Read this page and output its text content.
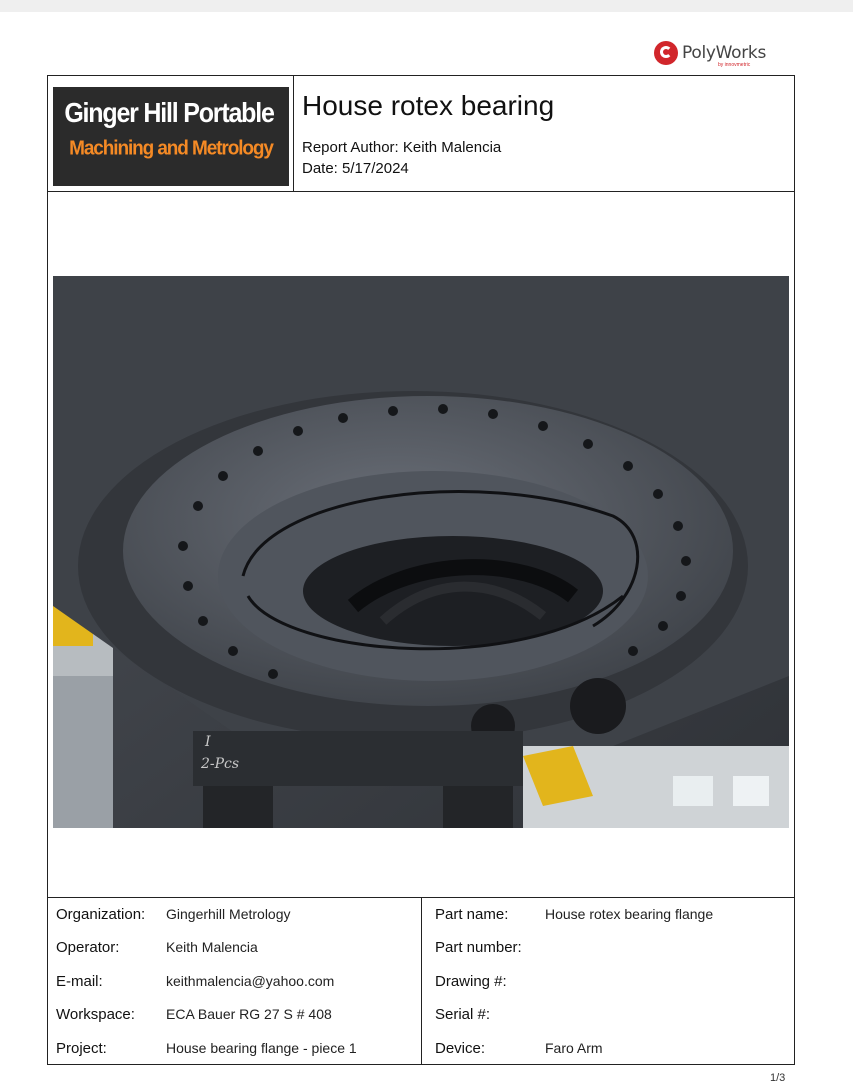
PolyWorks
by innovmetric
Ginger Hill Portable
Machining and Metrology
House rotex bearing
Report Author: Keith Malencia
Date: 5/17/2024
I
2-Pcs
Organization: Gingerhill Metrology
Operator:	Keith Malencia
E-mail:	keithmalencia@yahoo.com
Workspace: ECA Bauer RG 27 S # 408
Project:	House bearing flange - piece 1
Part name:	House rotex bearing flange
Part number:
Drawing #:
Serial #:
Device:	Faro Arm
1/3
